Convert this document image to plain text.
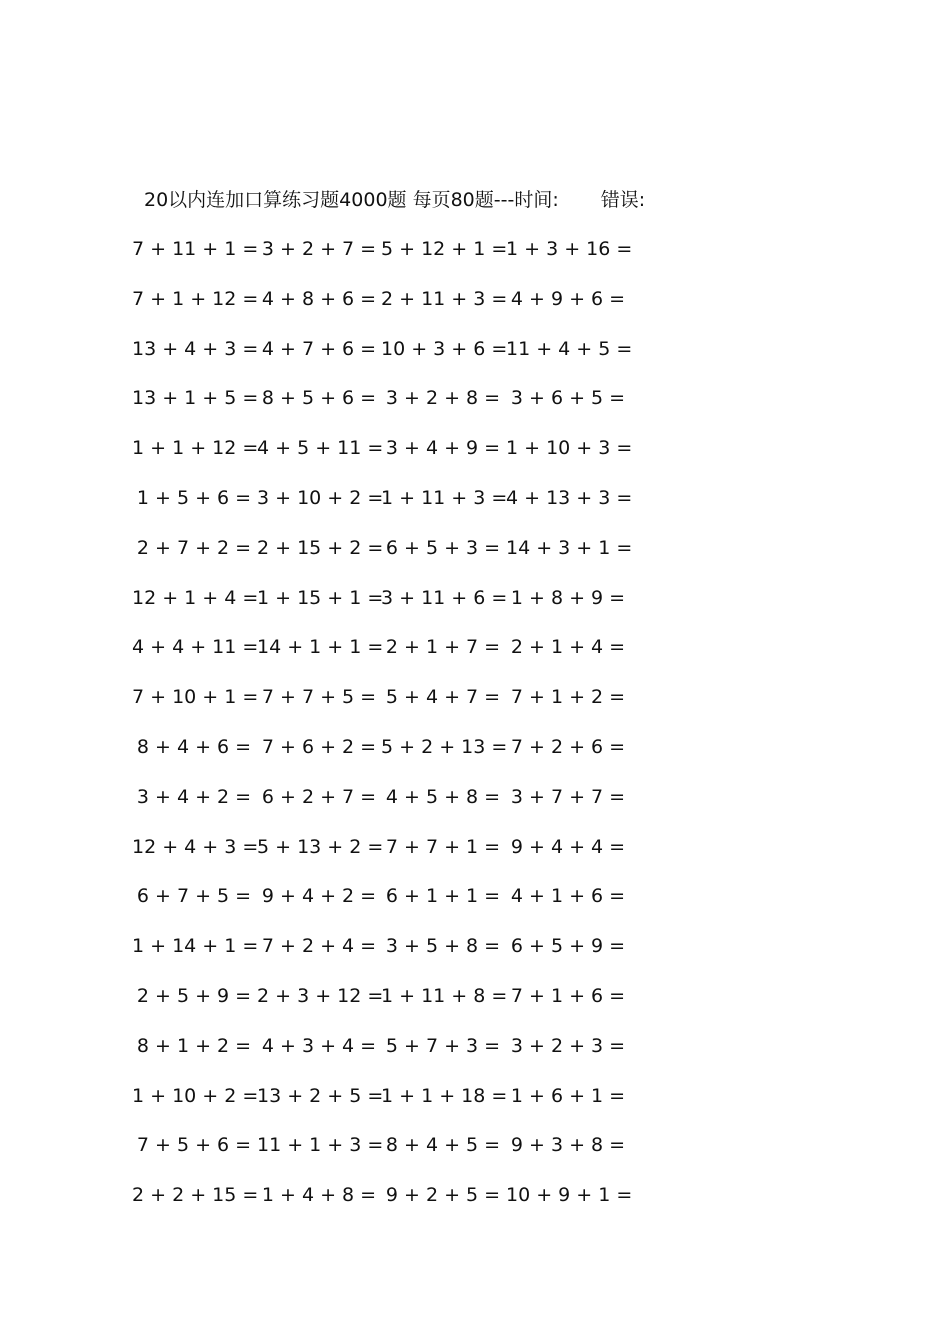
20以内连加口算练习题4000题 每页80题---时间: 错误:
7 + 11 + 1 = 3 + 2 + 7 = 5 + 12 + 1 =
1 + 3 + 16 =
7 + 1 + 12 = 4 + 8 + 6 = 2 + 11 + 3 = 4 + 9 + 6 =
13 + 4 + 3 = 4 + 7 + 6 = 10 + 3 + 6 =
11 + 4 + 5 =
13 + 1 + 5 = 8 + 5 + 6 = 3 + 2 + 8 = 3 + 6 + 5 =
1 + 1 + 12 =
4 + 5 + 11 = 3 + 4 + 9 = 1 + 10 + 3 =
1 + 5 + 6 = 3 + 10 + 2 =
1 + 11 + 3 =
4 + 13 + 3 =
2 + 7 + 2 = 2 + 15 + 2 = 6 + 5 + 3 = 14 + 3 + 1 =
12 + 1 + 4 =
1 + 15 + 1 =
3 + 11 + 6 = 1 + 8 + 9 =
4 + 4 + 11 =
14 + 1 + 1 = 2 + 1 + 7 = 2 + 1 + 4 =
7 + 10 + 1 = 7 + 7 + 5 = 5 + 4 + 7 = 7 + 1 + 2 =
8 + 4 + 6 = 7 + 6 + 2 = 5 + 2 + 13 = 7 + 2 + 6 =
3 + 4 + 2 = 6 + 2 + 7 = 4 + 5 + 8 = 3 + 7 + 7 =
12 + 4 + 3 =
5 + 13 + 2 = 7 + 7 + 1 = 9 + 4 + 4 =
6 + 7 + 5 = 9 + 4 + 2 = 6 + 1 + 1 = 4 + 1 + 6 =
1 + 14 + 1 = 7 + 2 + 4 = 3 + 5 + 8 = 6 + 5 + 9 =
2 + 5 + 9 = 2 + 3 + 12 =
1 + 11 + 8 = 7 + 1 + 6 =
8 + 1 + 2 = 4 + 3 + 4 = 5 + 7 + 3 = 3 + 2 + 3 =
1 + 10 + 2 =
13 + 2 + 5 =
1 + 1 + 18 = 1 + 6 + 1 =
7 + 5 + 6 = 11 + 1 + 3 = 8 + 4 + 5 = 9 + 3 + 8 =
2 + 2 + 15 = 1 + 4 + 8 = 9 + 2 + 5 = 10 + 9 + 1 =
